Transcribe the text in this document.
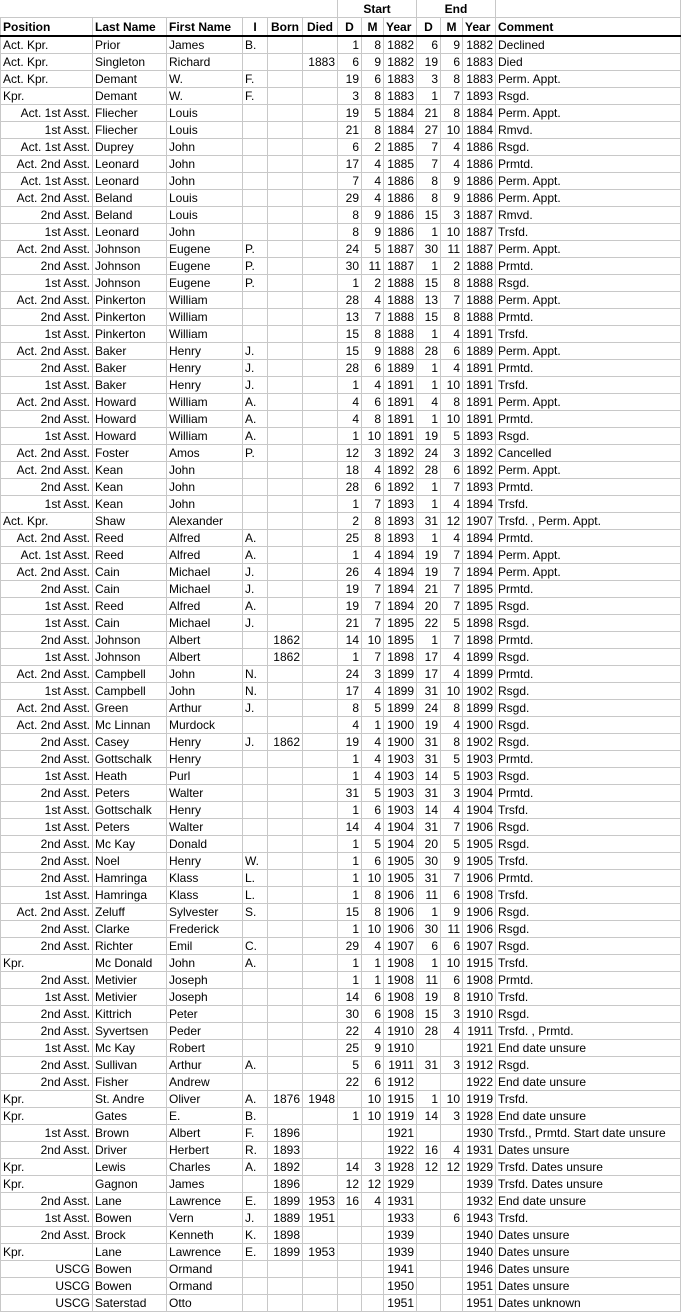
						Start			End			
Position	Last Name	First Name	I	Born	Died	D	M	Year	D	M	Year	Comment
Act. Kpr.	Prior	James	B.			1	8	1882	6	9	1882	Declined
Act. Kpr.	Singleton	Richard			1883	6	9	1882	19	6	1883	Died
Act. Kpr.	Demant	W.	F.			19	6	1883	3	8	1883	Perm. Appt.
Kpr.	Demant	W.	F.			3	8	1883	1	7	1893	Rsgd.
Act. 1st Asst.	Fliecher	Louis				19	5	1884	21	8	1884	Perm. Appt.
1st Asst.	Fliecher	Louis				21	8	1884	27	10	1884	Rmvd.
Act. 1st Asst.	Duprey	John				6	2	1885	7	4	1886	Rsgd.
Act. 2nd Asst.	Leonard	John				17	4	1885	7	4	1886	Prmtd.
Act. 1st Asst.	Leonard	John				7	4	1886	8	9	1886	Perm. Appt.
Act. 2nd Asst.	Beland	Louis				29	4	1886	8	9	1886	Perm. Appt.
2nd Asst.	Beland	Louis				8	9	1886	15	3	1887	Rmvd.
1st Asst.	Leonard	John				8	9	1886	1	10	1887	Trsfd.
Act. 2nd Asst.	Johnson	Eugene	P.			24	5	1887	30	11	1887	Perm. Appt.
2nd Asst.	Johnson	Eugene	P.			30	11	1887	1	2	1888	Prmtd.
1st Asst.	Johnson	Eugene	P.			1	2	1888	15	8	1888	Rsgd.
Act. 2nd Asst.	Pinkerton	William				28	4	1888	13	7	1888	Perm. Appt.
2nd Asst.	Pinkerton	William				13	7	1888	15	8	1888	Prmtd.
1st Asst.	Pinkerton	William				15	8	1888	1	4	1891	Trsfd.
Act. 2nd Asst.	Baker	Henry	J.			15	9	1888	28	6	1889	Perm. Appt.
2nd Asst.	Baker	Henry	J.			28	6	1889	1	4	1891	Prmtd.
1st Asst.	Baker	Henry	J.			1	4	1891	1	10	1891	Trsfd.
Act. 2nd Asst.	Howard	William	A.			4	6	1891	4	8	1891	Perm. Appt.
2nd Asst.	Howard	William	A.			4	8	1891	1	10	1891	Prmtd.
1st Asst.	Howard	William	A.			1	10	1891	19	5	1893	Rsgd.
Act. 2nd Asst.	Foster	Amos	P.			12	3	1892	24	3	1892	Cancelled
Act. 2nd Asst.	Kean	John				18	4	1892	28	6	1892	Perm. Appt.
2nd Asst.	Kean	John				28	6	1892	1	7	1893	Prmtd.
1st Asst.	Kean	John				1	7	1893	1	4	1894	Trsfd.
Act. Kpr.	Shaw	Alexander				2	8	1893	31	12	1907	Trsfd. , Perm. Appt.
Act. 2nd Asst.	Reed	Alfred	A.			25	8	1893	1	4	1894	Prmtd.
Act. 1st Asst.	Reed	Alfred	A.			1	4	1894	19	7	1894	Perm. Appt.
Act. 2nd Asst.	Cain	Michael	J.			26	4	1894	19	7	1894	Perm. Appt.
2nd Asst.	Cain	Michael	J.			19	7	1894	21	7	1895	Prmtd.
1st Asst.	Reed	Alfred	A.			19	7	1894	20	7	1895	Rsgd.
1st Asst.	Cain	Michael	J.			21	7	1895	22	5	1898	Rsgd.
2nd Asst.	Johnson	Albert		1862		14	10	1895	1	7	1898	Prmtd.
1st Asst.	Johnson	Albert		1862		1	7	1898	17	4	1899	Rsgd.
Act. 2nd Asst.	Campbell	John	N.			24	3	1899	17	4	1899	Prmtd.
1st Asst.	Campbell	John	N.			17	4	1899	31	10	1902	Rsgd.
Act. 2nd Asst.	Green	Arthur	J.			8	5	1899	24	8	1899	Rsgd.
Act. 2nd Asst.	Mc Linnan	Murdock				4	1	1900	19	4	1900	Rsgd.
2nd Asst.	Casey	Henry	J.	1862		19	4	1900	31	8	1902	Rsgd.
2nd Asst.	Gottschalk	Henry				1	4	1903	31	5	1903	Prmtd.
1st Asst.	Heath	Purl				1	4	1903	14	5	1903	Rsgd.
2nd Asst.	Peters	Walter				31	5	1903	31	3	1904	Prmtd.
1st Asst.	Gottschalk	Henry				1	6	1903	14	4	1904	Trsfd.
1st Asst.	Peters	Walter				14	4	1904	31	7	1906	Rsgd.
2nd Asst.	Mc Kay	Donald				1	5	1904	20	5	1905	Rsgd.
2nd Asst.	Noel	Henry	W.			1	6	1905	30	9	1905	Trsfd.
2nd Asst.	Hamringa	Klass	L.			1	10	1905	31	7	1906	Prmtd.
1st Asst.	Hamringa	Klass	L.			1	8	1906	11	6	1908	Trsfd.
Act. 2nd Asst.	Zeluff	Sylvester	S.			15	8	1906	1	9	1906	Rsgd.
2nd Asst.	Clarke	Frederick				1	10	1906	30	11	1906	Rsgd.
2nd Asst.	Richter	Emil	C.			29	4	1907	6	6	1907	Rsgd.
Kpr.	Mc Donald	John	A.			1	1	1908	1	10	1915	Trsfd.
2nd Asst.	Metivier	Joseph				1	1	1908	11	6	1908	Prmtd.
1st Asst.	Metivier	Joseph				14	6	1908	19	8	1910	Trsfd.
2nd Asst.	Kittrich	Peter				30	6	1908	15	3	1910	Rsgd.
2nd Asst.	Syvertsen	Peder				22	4	1910	28	4	1911	Trsfd. , Prmtd.
1st Asst.	Mc Kay	Robert				25	9	1910			1921	End date unsure
2nd Asst.	Sullivan	Arthur	A.			5	6	1911	31	3	1912	Rsgd.
2nd Asst.	Fisher	Andrew				22	6	1912			1922	End date unsure
Kpr.	St. Andre	Oliver	A.	1876	1948		10	1915	1	10	1919	Trsfd.
Kpr.	Gates	E.	B.			1	10	1919	14	3	1928	End date unsure
1st Asst.	Brown	Albert	F.	1896				1921			1930	Trsfd., Prmtd. Start date unsure
2nd Asst.	Driver	Herbert	R.	1893				1922	16	4	1931	Dates unsure
Kpr.	Lewis	Charles	A.	1892		14	3	1928	12	12	1929	Trsfd. Dates unsure
Kpr.	Gagnon	James		1896		12	12	1929			1939	Trsfd. Dates unsure
2nd Asst.	Lane	Lawrence	E.	1899	1953	16	4	1931			1932	End date unsure
1st Asst.	Bowen	Vern	J.	1889	1951			1933		6	1943	Trsfd.
2nd Asst.	Brock	Kenneth	K.	1898				1939			1940	Dates unsure
Kpr.	Lane	Lawrence	E.	1899	1953			1939			1940	Dates unsure
USCG	Bowen	Ormand						1941			1946	Dates unsure
USCG	Bowen	Ormand						1950			1951	Dates unsure
USCG	Saterstad	Otto						1951			1951	Dates unknown
